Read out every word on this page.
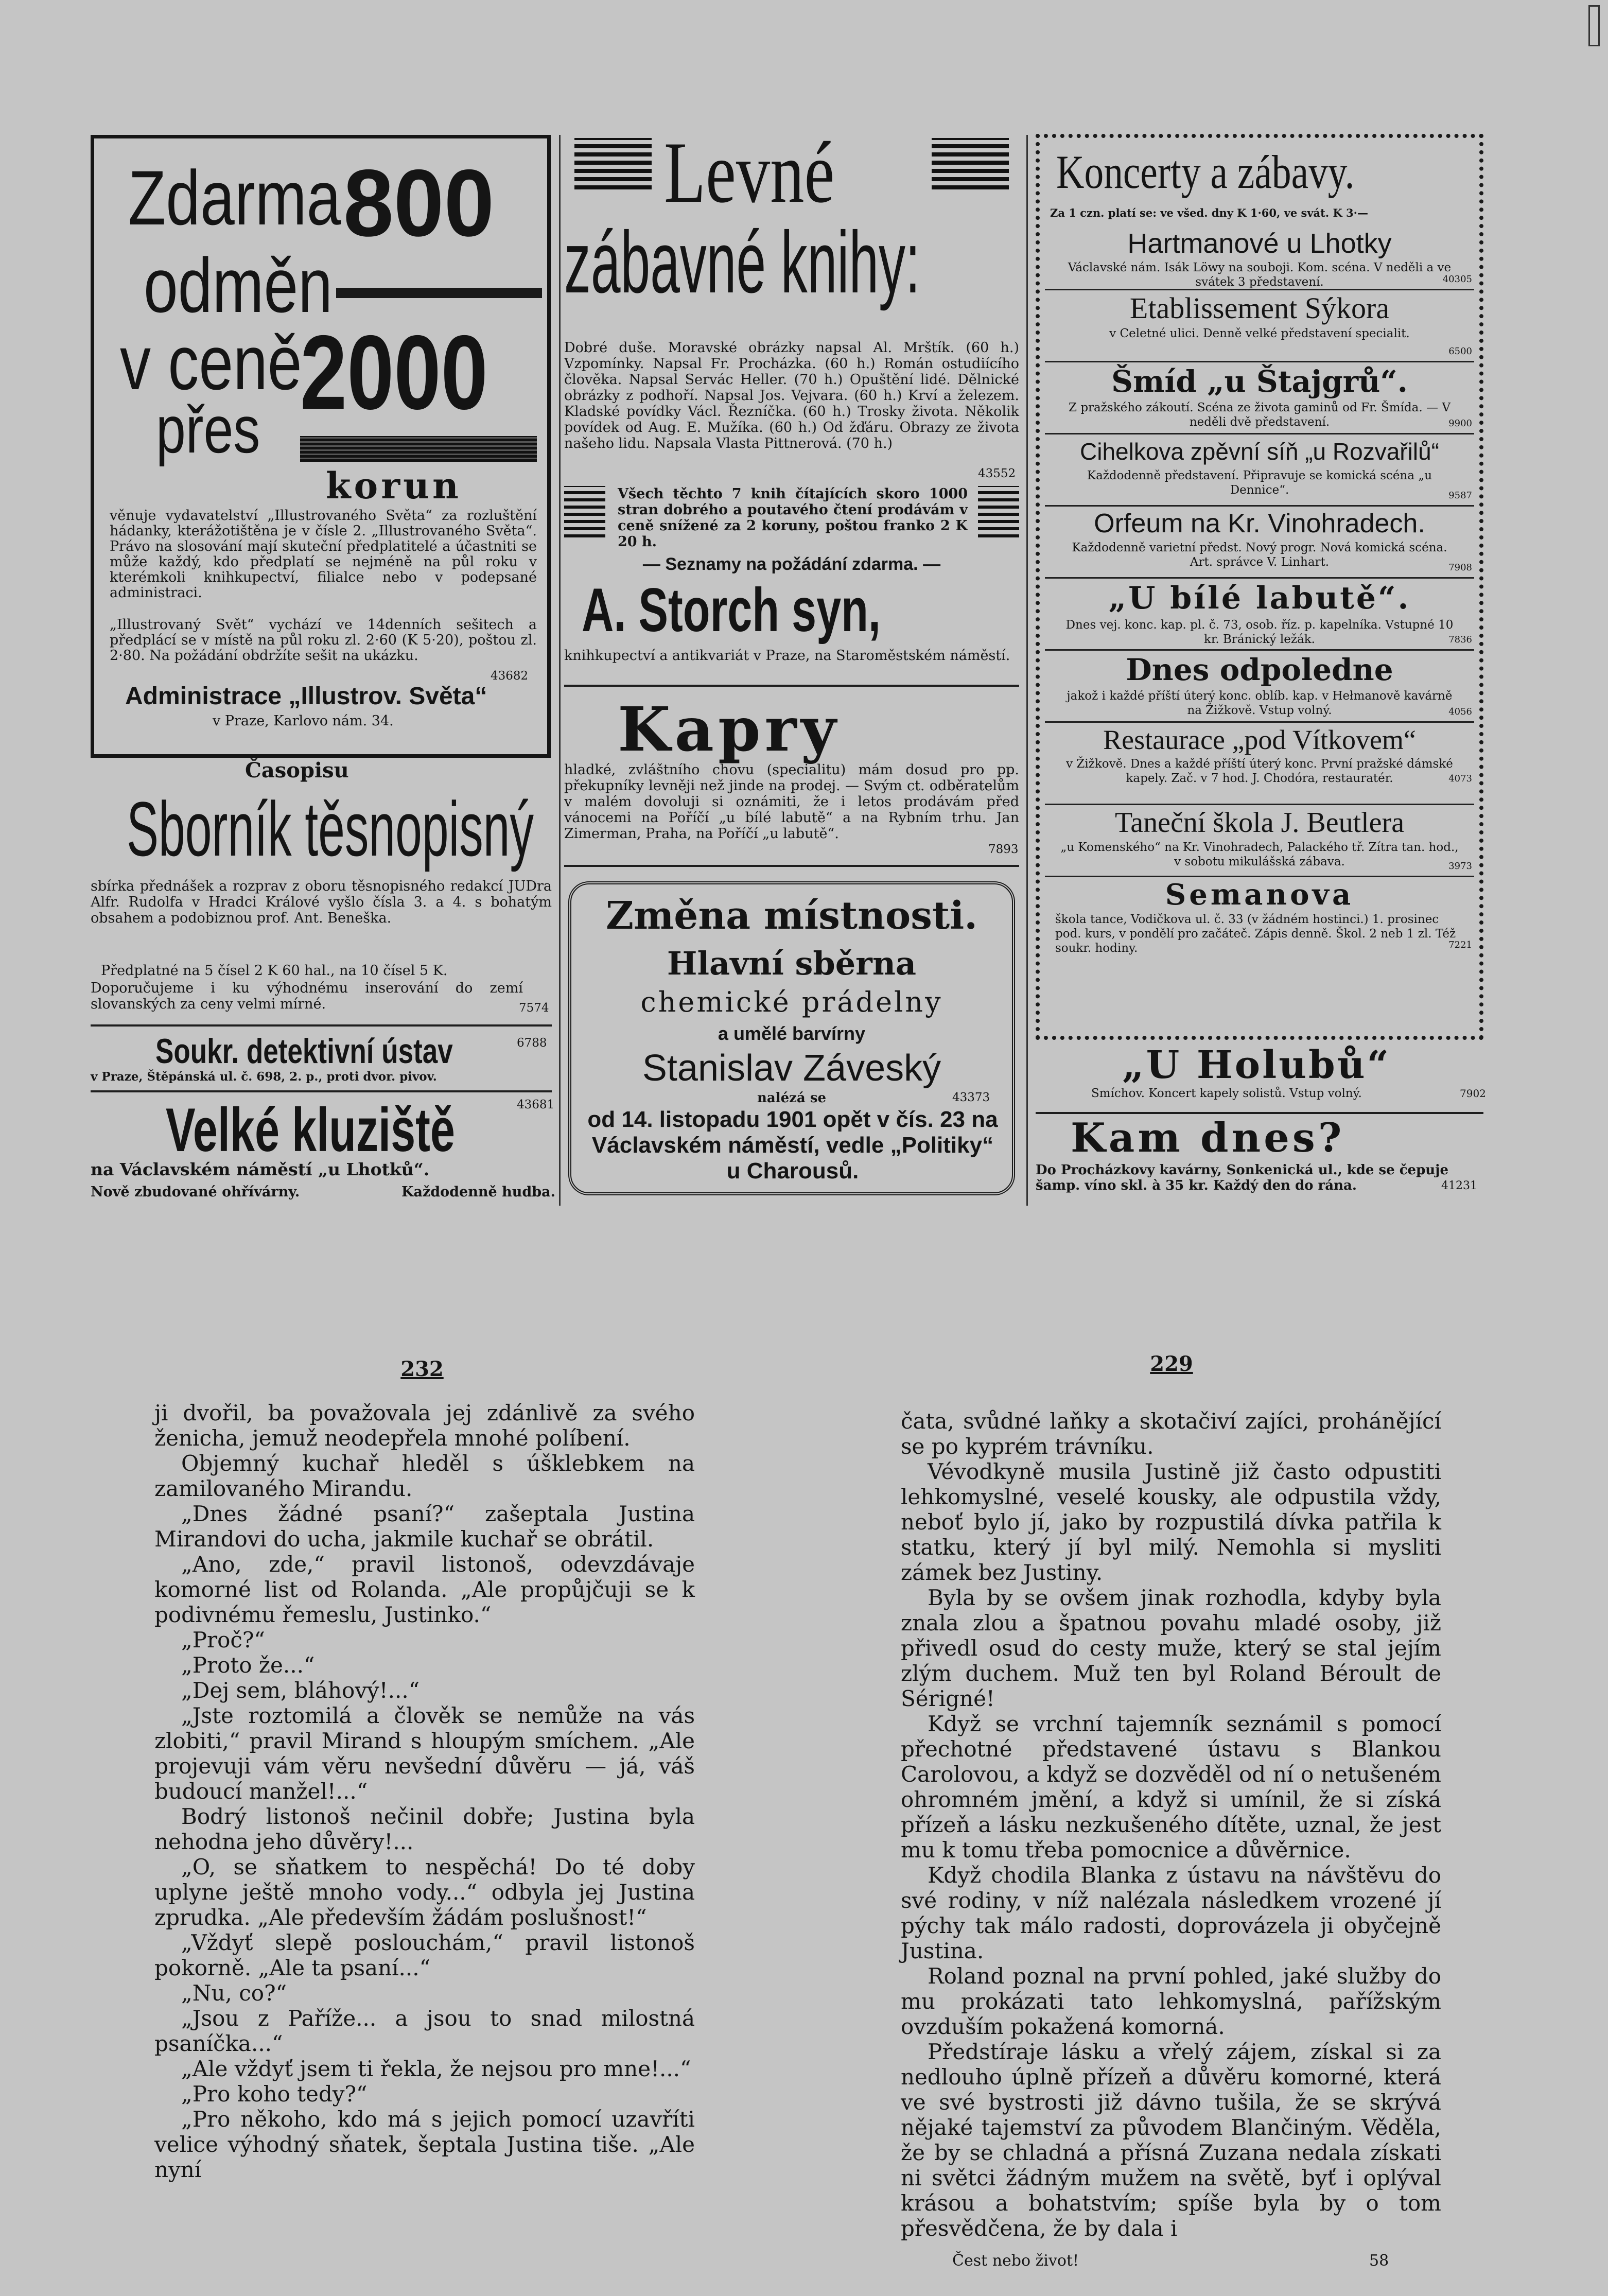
Zdarma 800
odměn
v ceně
2000
přes
korun
věnuje vydavatelství „Illustrovaného Světa“ za rozluštění hádanky, kterážotištěna je v čísle 2. „Illustrovaného Světa“. Právo na slosování mají skuteční předplatitelé a účastniti se může každý, kdo předplatí se nejméně na půl roku v kterémkoli knihkupectví, filialce nebo v podepsané administraci.
„Illustrovaný Svět“ vychází ve 14denních sešitech a předplácí se v místě na půl roku zl. 2·60 (K 5·20), poštou zl. 2·80. Na požádání obdržíte sešit na ukázku.
43682
Administrace „Illustrov. Světa“
v Praze, Karlovo nám. 34.
Časopisu
Sborník těsnopisný
sbírka přednášek a rozprav z oboru těsnopisného redakcí JUDra Alfr. Rudolfa v Hradci Králové vyšlo čísla 3. a 4. s bohatým obsahem a podobiznou prof. Ant. Beneška.
Předplatné na 5 čísel 2 K 60 hal., na 10 čísel 5 K.
Doporučujeme i ku výhodnému inserování do zemí slovanských za ceny velmi mírné.	7574
Soukr. detektivní ústav	6788
v Praze, Štěpánská ul. č. 698, 2. p., proti dvor. pivov.
Velké kluziště	43681
na Václavském náměstí „u Lhotků“.
Nově zbudované ohřívárny.	Každodenně hudba.
Levné
zábavné knihy:
Dobré duše. Moravské obrázky napsal Al. Mrštík. (60 h.) Vzpomínky. Napsal Fr. Procházka. (60 h.) Román ostudiícího člověka. Napsal Servác Heller. (70 h.) Opuštění lidé. Dělnické obrázky z podhoří. Napsal Jos. Vejvara. (60 h.) Krví a železem. Kladské povídky Václ. Řezníčka. (60 h.) Trosky života. Několik povídek od Aug. E. Mužíka. (60 h.) Od žďáru. Obrazy ze života našeho lidu. Napsala Vlasta Pittnerová. (70 h.)
43552
Všech těchto 7 knih čítajících skoro 1000 stran dobrého a poutavého čtení prodávám v ceně snížené za 2 koruny, poštou franko 2 K 20 h.
— Seznamy na požádání zdarma. —
A. Storch syn,
knihkupectví a antikvariát v Praze, na Staroměstském náměstí.
Kapry
hladké, zvláštního chovu (specialitu) mám dosud pro pp. překupníky levněji než jinde na prodej. — Svým ct. odběratelům v malém dovoluji si oznámiti, že i letos prodávám před vánocemi na Poříčí „u bílé labutě“ a na Rybním trhu. Jan Zimerman, Praha, na Poříčí „u labutě“.
7893
Změna místnosti.
Hlavní sběrna
chemické prádelny
a umělé barvírny
Stanislav Záveský
nalézá se	43373
od 14. listopadu 1901 opět v čís. 23 na Václavském náměstí, vedle „Politiky“ u Charousů.
Koncerty a zábavy.
Za 1 czn. platí se: ve všed. dny K 1·60, ve svát. K 3·—
Hartmanové u Lhotky
Václavské nám. Isák Löwy na souboji. Kom. scéna. V neděli a ve svátek 3 představení.	40305
Etablissement Sýkora
v Celetné ulici. Denně velké představení specialit.
6500
Šmíd „u Štajgrů“.
Z pražského zákoutí. Scéna ze života gaminů od Fr. Šmída. — V neděli dvě představení.	9900
Cihelkova zpěvní síň „u Rozvařilů“
Každodenně představení. Připravuje se komická scéna „u Dennice“.	9587
Orfeum na Kr. Vinohradech.
Každodenně varietní předst. Nový progr. Nová komická scéna. Art. správce V. Linhart.	7908
„U bílé labutě“.
Dnes vej. konc. kap. pl. č. 73, osob. říz. p. kapelníka. Vstupné 10 kr. Bránický ležák.	7836
Dnes odpoledne
jakož i každé příští úterý konc. oblíb. kap. v Hełmanově kavárně na Žižkově. Vstup volný.	4056
Restaurace „pod Vítkovem“
v Žižkově. Dnes a každé příští úterý konc. První pražské dámské kapely. Zač. v 7 hod. J. Chodóra, restauratér.	4073
Taneční škola J. Beutlera
„u Komenského“ na Kr. Vinohradech, Palackého tř. Zítra tan. hod., v sobotu mikulášská zábava.	3973
Semanova
škola tance, Vodičkova ul. č. 33 (v žádném hostinci.) 1. prosinec pod. kurs, v pondělí pro začáteč. Zápis denně. Škol. 2 neb 1 zl. Též soukr. hodiny.	7221
„U Holubů“
Smíchov. Koncert kapely solistů. Vstup volný.	7902
Kam dnes?
Do Procházkovy kavárny, Sonkenická ul., kde se čepuje šamp. víno skl. à 35 kr. Každý den do rána.	41231
232

ji dvořil, ba považovala jej zdánlivě za svého ženicha, jemuž neodepřela mnohé políbení.

Objemný kuchař hleděl s úšklebkem na zamilovaného Mirandu.

„Dnes žádné psaní?“ zašeptala Justina Mirandovi do ucha, jakmile kuchař se obrátil.

„Ano, zde,“ pravil listonoš, odevzdávaje komorné list od Rolanda. „Ale propůjčuji se k podivnému řemeslu, Justinko.“

„Proč?“

„Proto že...“

„Dej sem, bláhový!...“

„Jste roztomilá a člověk se nemůže na vás zlobiti,“ pravil Mirand s hloupým smíchem. „Ale projevuji vám věru nevšední důvěru — já, váš budoucí manžel!...“

Bodrý listonoš nečinil dobře; Justina byla nehodna jeho důvěry!...

„O, se sňatkem to nespěchá! Do té doby uplyne ještě mnoho vody...“ odbyla jej Justina zprudka. „Ale především žádám poslušnost!“

„Vždyť slepě poslouchám,“ pravil listonoš pokorně. „Ale ta psaní...“

„Nu, co?“

„Jsou z Paříže... a jsou to snad milostná psaníčka...“

„Ale vždyť jsem ti řekla, že nejsou pro mne!...“

„Pro koho tedy?“

„Pro někoho, kdo má s jejich pomocí uzavříti velice výhodný sňatek, šeptala Justina tiše. „Ale nyní

229

čata, svůdné laňky a skotačiví zajíci, prohánějící se po kyprém trávníku.

Vévodkyně musila Justině již často odpustiti lehkomyslné, veselé kousky, ale odpustila vždy, neboť bylo jí, jako by rozpustilá dívka patřila k statku, který jí byl milý. Nemohla si mysliti zámek bez Justiny.

Byla by se ovšem jinak rozhodla, kdyby byla znala zlou a špatnou povahu mladé osoby, již přivedl osud do cesty muže, který se stal jejím zlým duchem. Muž ten byl Roland Béroult de Sérigné!

Když se vrchní tajemník seznámil s pomocí přechotné představené ústavu s Blankou Carolovou, a když se dozvěděl od ní o netušeném ohromném jmění, a když si umínil, že si získá přízeň a lásku nezkušeného dítěte, uznal, že jest mu k tomu třeba pomocnice a důvěrnice.

Když chodila Blanka z ústavu na návštěvu do své rodiny, v níž nalézala následkem vrozené jí pýchy tak málo radosti, doprovázela ji obyčejně Justina.

Roland poznal na první pohled, jaké služby do mu prokázati tato lehkomyslná, pařížským ovzduším pokažená komorná.

Předstíraje lásku a vřelý zájem, získal si za nedlouho úplně přízeň a důvěru komorné, která ve své bystrosti již dávno tušila, že se skrývá nějaké tajemství za původem Blančiným. Věděla, že by se chladná a přísná Zuzana nedala získati ni světci žádným mužem na světě, byť i oplýval krásou a bohatstvím; spíše byla by o tom přesvědčena, že by dala i

Čest nebo život!	58
